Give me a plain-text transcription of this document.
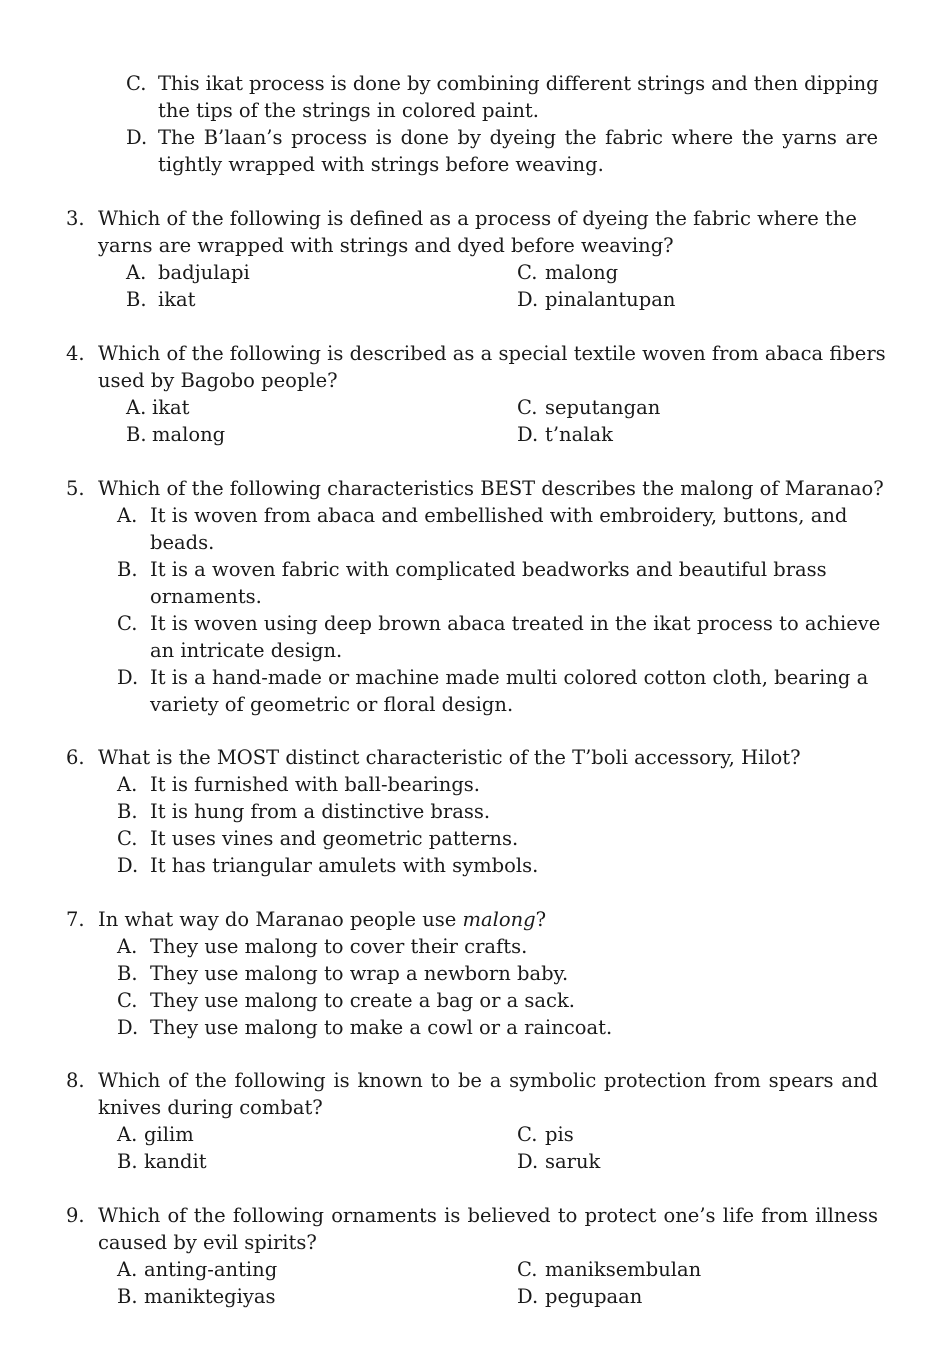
C. This ikat process is done by combining different strings and then dipping
the tips of the strings in colored paint.
D. The B’laan’s process is done by dyeing the fabric where the yarns are
tightly wrapped with strings before weaving.
3. Which of the following is defined as a process of dyeing the fabric where the
yarns are wrapped with strings and dyed before weaving?
A. badjulapi
B. ikat
C. malong
D. pinalantupan
4. Which of the following is described as a special textile woven from abaca fibers
used by Bagobo people?
A. ikat
B. malong
C. seputangan
D. t’nalak
5. Which of the following characteristics BEST describes the malong of Maranao?
A. It is woven from abaca and embellished with embroidery, buttons, and
beads.
B. It is a woven fabric with complicated beadworks and beautiful brass
ornaments.
C. It is woven using deep brown abaca treated in the ikat process to achieve
an intricate design.
D. It is a hand-made or machine made multi colored cotton cloth, bearing a
variety of geometric or floral design.
6. What is the MOST distinct characteristic of the T’boli accessory, Hilot?
A. It is furnished with ball-bearings.
B. It is hung from a distinctive brass.
C. It uses vines and geometric patterns.
D. It has triangular amulets with symbols.
7. In what way do Maranao people use malong?
A. They use malong to cover their crafts.
B. They use malong to wrap a newborn baby.
C. They use malong to create a bag or a sack.
D. They use malong to make a cowl or a raincoat.
8. Which of the following is known to be a symbolic protection from spears and
knives during combat?
A. gilim
B. kandit
C. pis
D. saruk
9. Which of the following ornaments is believed to protect one’s life from illness
caused by evil spirits?
A. anting-anting
B. maniktegiyas
C. maniksembulan
D. pegupaan
